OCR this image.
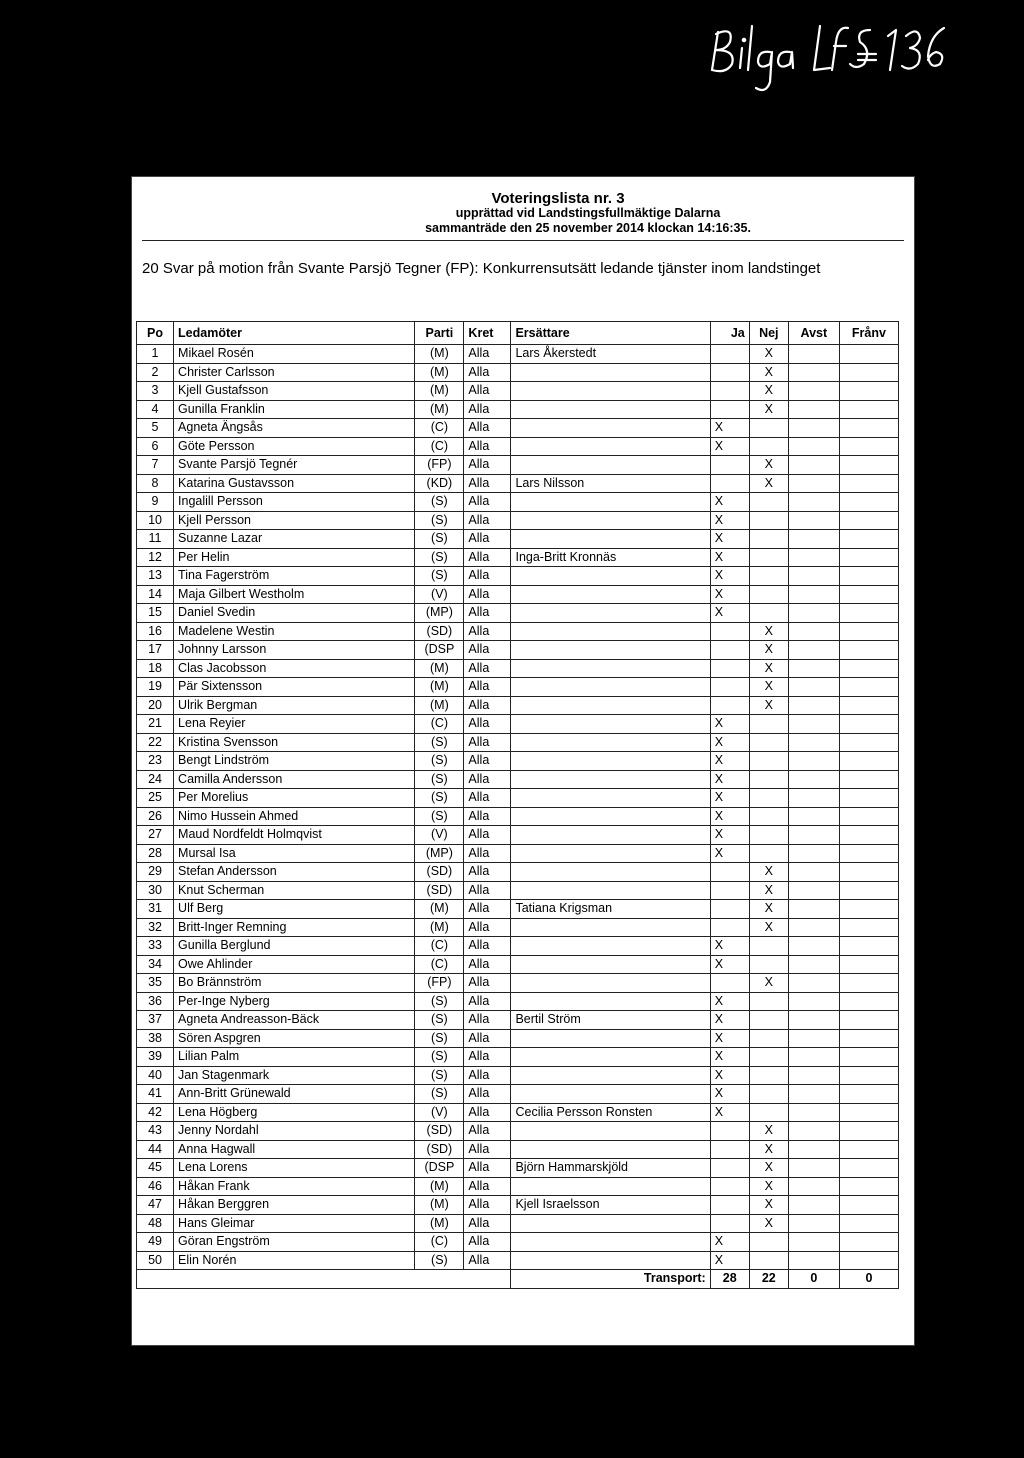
Voteringslista nr. 3
upprättad vid Landstingsfullmäktige Dalarna
sammanträde den 25 november 2014 klockan 14:16:35.
20 Svar på motion från Svante Parsjö Tegner (FP): Konkurrensutsätt ledande tjänster inom landstinget
Po	Ledamöter	Parti	Kret	Ersättare	Ja	Nej	Avst	Frånv
1	Mikael Rosén	(M)	Alla	Lars Åkerstedt		X		
2	Christer Carlsson	(M)	Alla			X		
3	Kjell Gustafsson	(M)	Alla			X		
4	Gunilla Franklin	(M)	Alla			X		
5	Agneta Ängsås	(C)	Alla		X			
6	Göte Persson	(C)	Alla		X			
7	Svante Parsjö Tegnér	(FP)	Alla			X		
8	Katarina Gustavsson	(KD)	Alla	Lars Nilsson		X		
9	Ingalill Persson	(S)	Alla		X			
10	Kjell Persson	(S)	Alla		X			
11	Suzanne Lazar	(S)	Alla		X			
12	Per Helin	(S)	Alla	Inga-Britt Kronnäs	X			
13	Tina Fagerström	(S)	Alla		X			
14	Maja Gilbert Westholm	(V)	Alla		X			
15	Daniel Svedin	(MP)	Alla		X			
16	Madelene Westin	(SD)	Alla			X		
17	Johnny Larsson	(DSP	Alla			X		
18	Clas Jacobsson	(M)	Alla			X		
19	Pär Sixtensson	(M)	Alla			X		
20	Ulrik Bergman	(M)	Alla			X		
21	Lena Reyier	(C)	Alla		X			
22	Kristina Svensson	(S)	Alla		X			
23	Bengt Lindström	(S)	Alla		X			
24	Camilla Andersson	(S)	Alla		X			
25	Per Morelius	(S)	Alla		X			
26	Nimo Hussein Ahmed	(S)	Alla		X			
27	Maud Nordfeldt Holmqvist	(V)	Alla		X			
28	Mursal Isa	(MP)	Alla		X			
29	Stefan Andersson	(SD)	Alla			X		
30	Knut Scherman	(SD)	Alla			X		
31	Ulf Berg	(M)	Alla	Tatiana Krigsman		X		
32	Britt-Inger Remning	(M)	Alla			X		
33	Gunilla Berglund	(C)	Alla		X			
34	Owe Ahlinder	(C)	Alla		X			
35	Bo Brännström	(FP)	Alla			X		
36	Per-Inge Nyberg	(S)	Alla		X			
37	Agneta Andreasson-Bäck	(S)	Alla	Bertil Ström	X			
38	Sören Aspgren	(S)	Alla		X			
39	Lilian Palm	(S)	Alla		X			
40	Jan Stagenmark	(S)	Alla		X			
41	Ann-Britt Grünewald	(S)	Alla		X			
42	Lena Högberg	(V)	Alla	Cecilia Persson Ronsten	X			
43	Jenny Nordahl	(SD)	Alla			X		
44	Anna Hagwall	(SD)	Alla			X		
45	Lena Lorens	(DSP	Alla	Björn Hammarskjöld		X		
46	Håkan Frank	(M)	Alla			X		
47	Håkan Berggren	(M)	Alla	Kjell Israelsson		X		
48	Hans Gleimar	(M)	Alla			X		
49	Göran Engström	(C)	Alla		X			
50	Elin Norén	(S)	Alla		X			
				Transport:	28	22	0	0
Sida 1 av 2
